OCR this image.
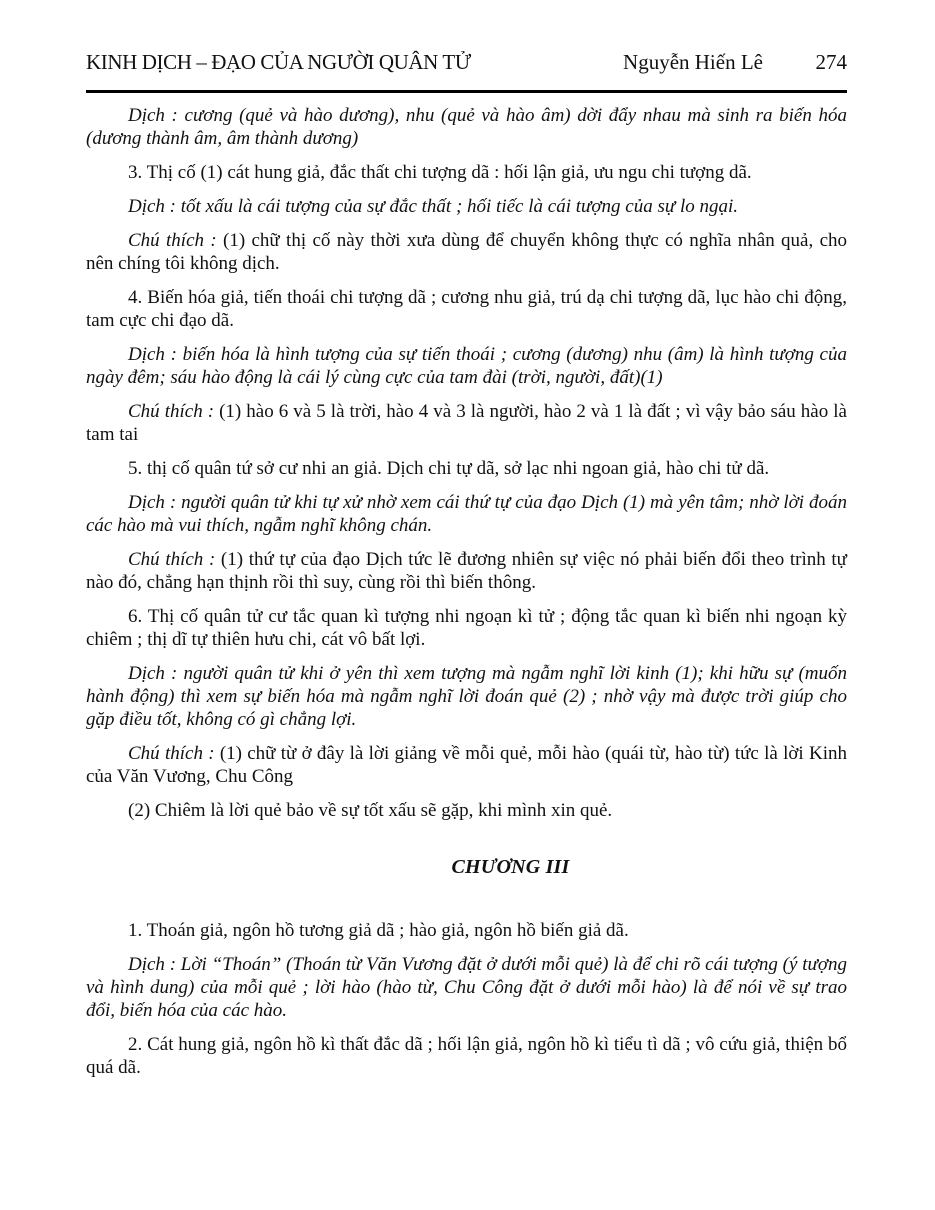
KINH DỊCH – ĐẠO CỦA NGƯỜI QUÂN TỬ	Nguyễn Hiến Lê	274

Dịch : cương (quẻ và hào dương), nhu (quẻ và hào âm) dời đẩy nhau mà sinh ra biến hóa (dương thành âm, âm thành dương)

3. Thị cố (1) cát hung giả, đắc thất chi tượng dã : hối lận giả, ưu ngu chi tượng dã.

Dịch : tốt xấu là cái tượng của sự đắc thất ; hối tiếc là cái tượng của sự lo ngại.

Chú thích : (1) chữ thị cố này thời xưa dùng để chuyển không thực có nghĩa nhân quả, cho nên chíng tôi không dịch.

4. Biến hóa giả, tiến thoái chi tượng dã ; cương nhu giả, trú dạ chi tượng dã, lục hào chi động, tam cực chi đạo dã.

Dịch : biến hóa là hình tượng của sự tiến thoái ; cương (dương) nhu (âm) là hình tượng của ngày đêm; sáu hào động là cái lý cùng cực của tam đài (trời, người, đất)(1)

Chú thích : (1) hào 6 và 5 là trời, hào 4 và 3 là người, hào 2 và 1 là đất ; vì vậy bảo sáu hào là tam tai

5. thị cố quân tứ sở cư nhi an giả. Dịch chi tự dã, sở lạc nhi ngoan giả, hào chi tử dã.

Dịch : người quân tử khi tự xử nhờ xem cái thứ tự của đạo Dịch (1) mà yên tâm; nhờ lời đoán các hào mà vui thích, ngẫm nghĩ không chán.

Chú thích : (1) thứ tự của đạo Dịch tức lẽ đương nhiên sự việc nó phải biến đổi theo trình tự nào đó, chẳng hạn thịnh rồi thì suy, cùng rồi thì biến thông.

6. Thị cố quân tử cư tắc quan kì tượng nhi ngoạn kì tử ; động tắc quan kì biến nhi ngoạn kỳ chiêm ; thị dĩ tự thiên hưu chi, cát vô bất lợi.

Dịch : người quân tử khi ở yên thì xem tượng mà ngẫm nghĩ lời kinh (1); khi hữu sự (muốn hành động) thì xem sự biến hóa mà ngẫm nghĩ lời đoán quẻ (2) ; nhờ vậy mà được trời giúp cho gặp điều tốt, không có gì chẳng lợi.

Chú thích : (1) chữ từ ở đây là lời giảng về mỗi quẻ, mỗi hào (quái từ, hào từ) tức là lời Kinh của Văn Vương, Chu Công

(2) Chiêm là lời quẻ bảo về sự tốt xấu sẽ gặp, khi mình xin quẻ.

CHƯƠNG III

1. Thoán giả, ngôn hồ tương giả dã ; hào giả, ngôn hồ biến giả dã.

Dịch : Lời “Thoán” (Thoán từ Văn Vương đặt ở dưới mỗi quẻ) là để chi rõ cái tượng (ý tượng và hình dung) của mỗi quẻ ; lời hào (hào từ, Chu Công đặt ở dưới mỗi hào) là để nói về sự trao đổi, biến hóa của các hào.

2. Cát hung giả, ngôn hồ kì thất đắc dã ; hối lận giả, ngôn hồ kì tiểu tì dã ; vô cứu giả, thiện bổ quá dã.
